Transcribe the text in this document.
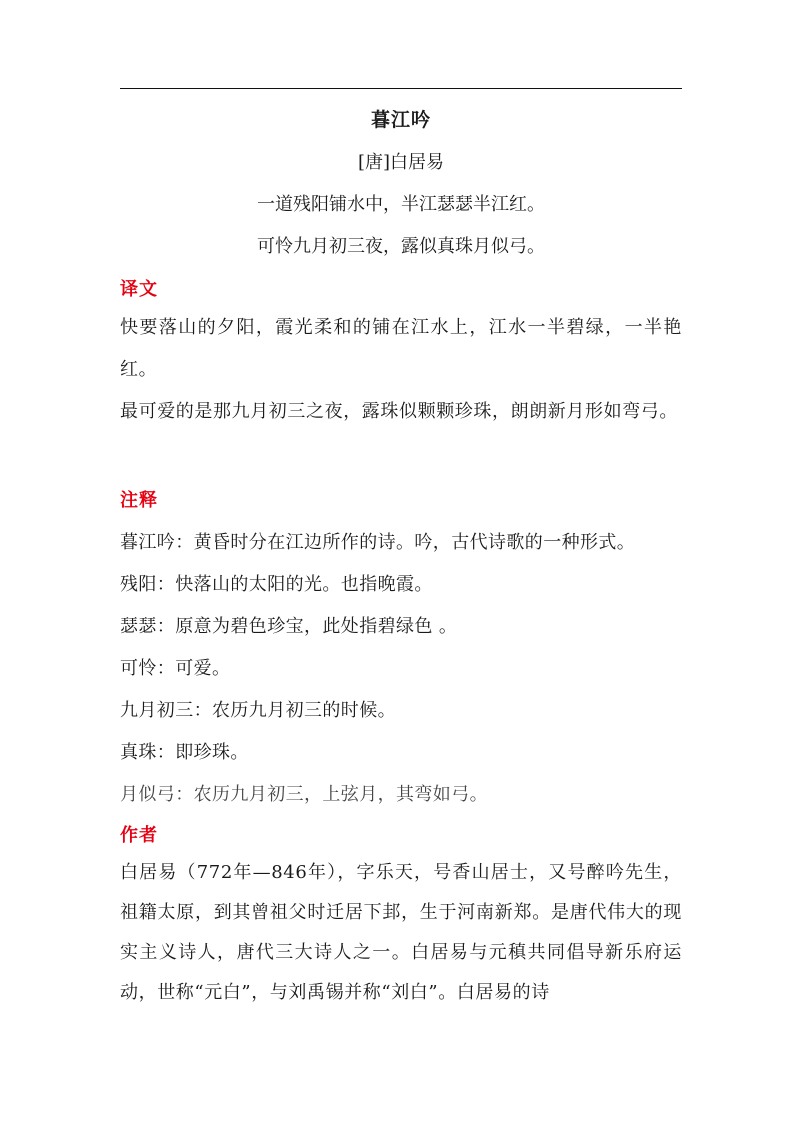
暮江吟
[唐]白居易
一道残阳铺水中，半江瑟瑟半江红。
可怜九月初三夜，露似真珠月似弓。
译文
快要落山的夕阳，霞光柔和的铺在江水上，江水一半碧绿，一半艳红。
最可爱的是那九月初三之夜，露珠似颗颗珍珠，朗朗新月形如弯弓。
注释
暮江吟：黄昏时分在江边所作的诗。吟，古代诗歌的一种形式。
残阳：快落山的太阳的光。也指晚霞。
瑟瑟：原意为碧色珍宝，此处指碧绿色 。
可怜：可爱。
九月初三：农历九月初三的时候。
真珠：即珍珠。
月似弓：农历九月初三，上弦月，其弯如弓。
作者
白居易（772年—846年），字乐天，号香山居士，又号醉吟先生，祖籍太原，到其曾祖父时迁居下邽，生于河南新郑。是唐代伟大的现实主义诗人，唐代三大诗人之一。白居易与元稹共同倡导新乐府运动，世称“元白”，与刘禹锡并称“刘白”。白居易的诗
